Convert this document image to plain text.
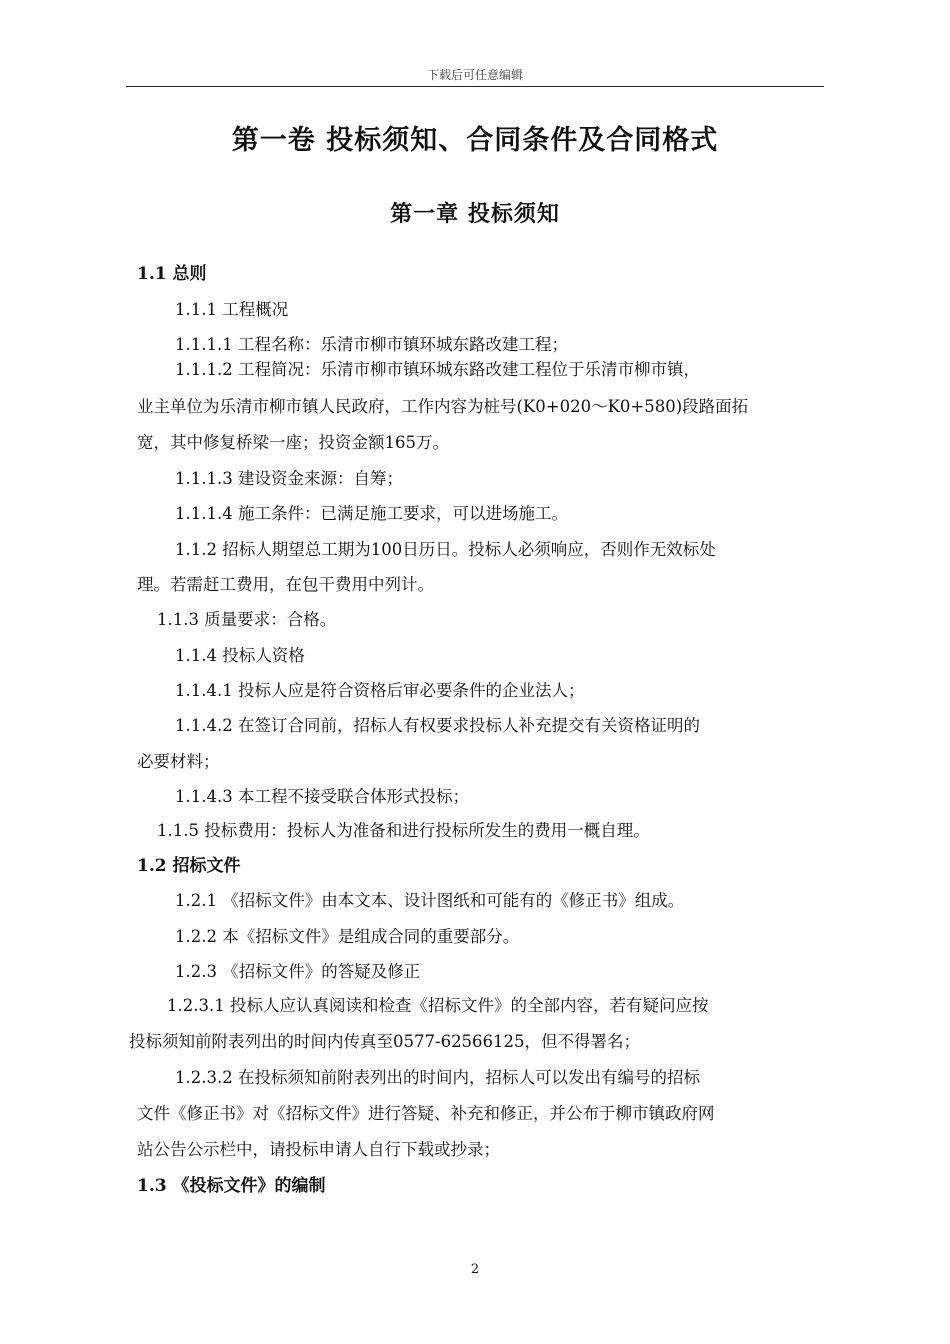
下载后可任意编辑
第一卷 投标须知、合同条件及合同格式
第一章 投标须知
1.1 总则
1.1.1 工程概况
1.1.1.1 工程名称：乐清市柳市镇环城东路改建工程；
1.1.1.2 工程简况：乐清市柳市镇环城东路改建工程位于乐清市柳市镇，
业主单位为乐清市柳市镇人民政府，工作内容为桩号(K0+020～K0+580)段路面拓
宽，其中修复桥梁一座；投资金额165万。
1.1.1.3 建设资金来源：自筹；
1.1.1.4 施工条件：已满足施工要求，可以进场施工。
1.1.2 招标人期望总工期为100日历日。投标人必须响应，否则作无效标处
理。若需赶工费用，在包干费用中列计。
1.1.3 质量要求：合格。
1.1.4 投标人资格
1.1.4.1 投标人应是符合资格后审必要条件的企业法人；
1.1.4.2 在签订合同前，招标人有权要求投标人补充提交有关资格证明的
必要材料；
1.1.4.3 本工程不接受联合体形式投标；
1.1.5 投标费用：投标人为准备和进行投标所发生的费用一概自理。
1.2 招标文件
1.2.1 《招标文件》由本文本、设计图纸和可能有的《修正书》组成。
1.2.2 本《招标文件》是组成合同的重要部分。
1.2.3 《招标文件》的答疑及修正
1.2.3.1 投标人应认真阅读和检查《招标文件》的全部内容，若有疑问应按
投标须知前附表列出的时间内传真至0577-62566125，但不得署名；
1.2.3.2 在投标须知前附表列出的时间内，招标人可以发出有编号的招标
文件《修正书》对《招标文件》进行答疑、补充和修正，并公布于柳市镇政府网
站公告公示栏中，请投标申请人自行下载或抄录；
1.3 《投标文件》的编制
2
